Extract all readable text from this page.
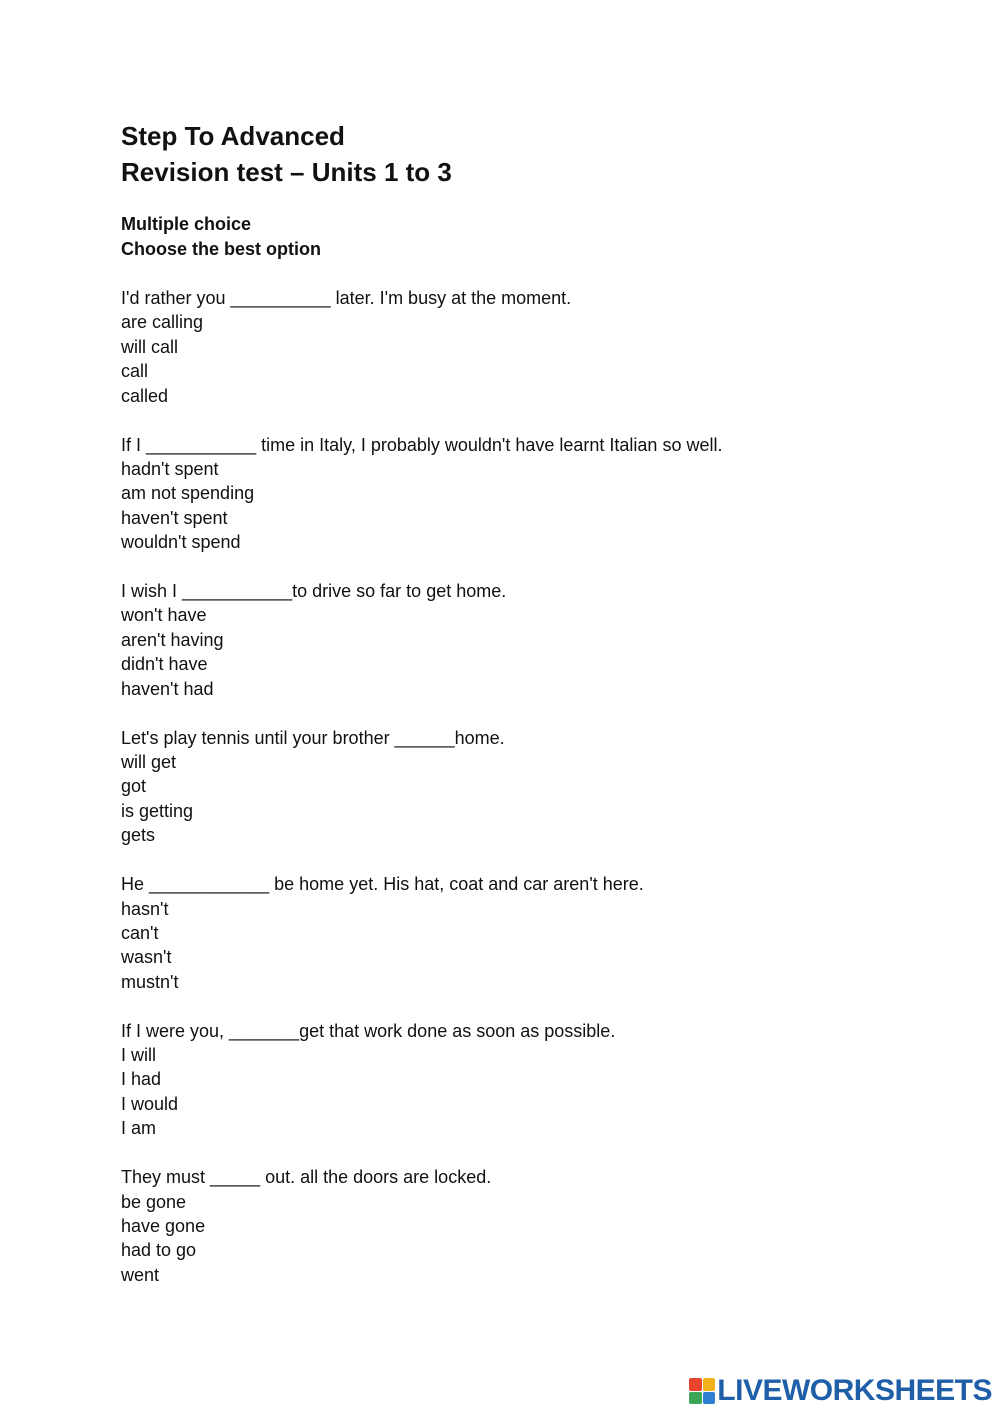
Step To Advanced
Revision test – Units 1 to 3
Multiple choice
Choose the best option
I'd rather you __________ later. I'm busy at the moment.
are calling
will call
call
called
If I ___________ time in Italy, I probably wouldn't have learnt Italian so well.
hadn't spent
am not spending
haven't spent
wouldn't spend
I wish I ___________to drive so far to get home.
won't have
aren't having
didn't have
haven't had
Let's play tennis until your brother ______home.
will get
got
is getting
gets
He ____________ be home yet. His hat, coat and car aren't here.
hasn't
can't
wasn't
mustn't
If I were you, _______get that work done as soon as possible.
I will
I had
I would
I am
They must _____ out. all the doors are locked.
be gone
have gone
had to go
went
LIVEWORKSHEETS
